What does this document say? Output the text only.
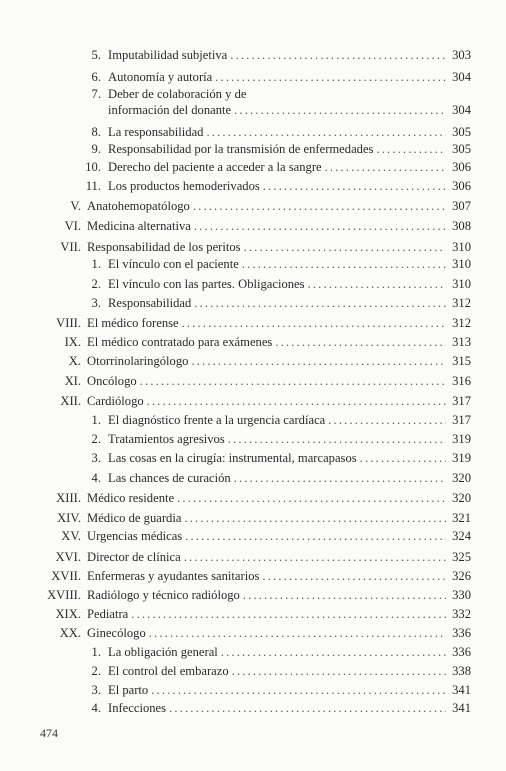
5. Imputabilidad subjetiva . . .	303
6. Autonomía y autoría . . .	304
7. Deber de colaboración y de
información del donante . . .	304
8. La responsabilidad . . .	305
9. Responsabilidad por la transmisión de enfermedades . . .	305
10. Derecho del paciente a acceder a la sangre . . .	306
11. Los productos hemoderivados . . .	306
V. Anatohemopatólogo . . .	307
VI. Medicina alternativa . . .	308
VII. Responsabilidad de los peritos . . .	310
1. El vínculo con el paciente . . .	310
2. El vínculo con las partes. Obligaciones . . .	310
3. Responsabilidad . . .	312
VIII. El médico forense . . .	312
IX. El médico contratado para exámenes . . .	313
X. Otorrinolaringólogo . . .	315
XI. Oncólogo . . .	316
XII. Cardiólogo . . .	317
1. El diagnóstico frente a la urgencia cardíaca . . .	317
2. Tratamientos agresivos . . .	319
3. Las cosas en la cirugía: instrumental, marcapasos . . .	319
4. Las chances de curación . . .	320
XIII. Médico residente . . .	320
XIV. Médico de guardia . . .	321
XV. Urgencias médicas . . .	324
XVI. Director de clínica . . .	325
XVII. Enfermeras y ayudantes sanitarios . . .	326
XVIII. Radiólogo y técnico radiólogo . . .	330
XIX. Pediatra . . .	332
XX. Ginecólogo . . .	336
1. La obligación general . . .	336
2. El control del embarazo . . .	338
3. El parto . . .	341
4. Infecciones . . .	341
474
